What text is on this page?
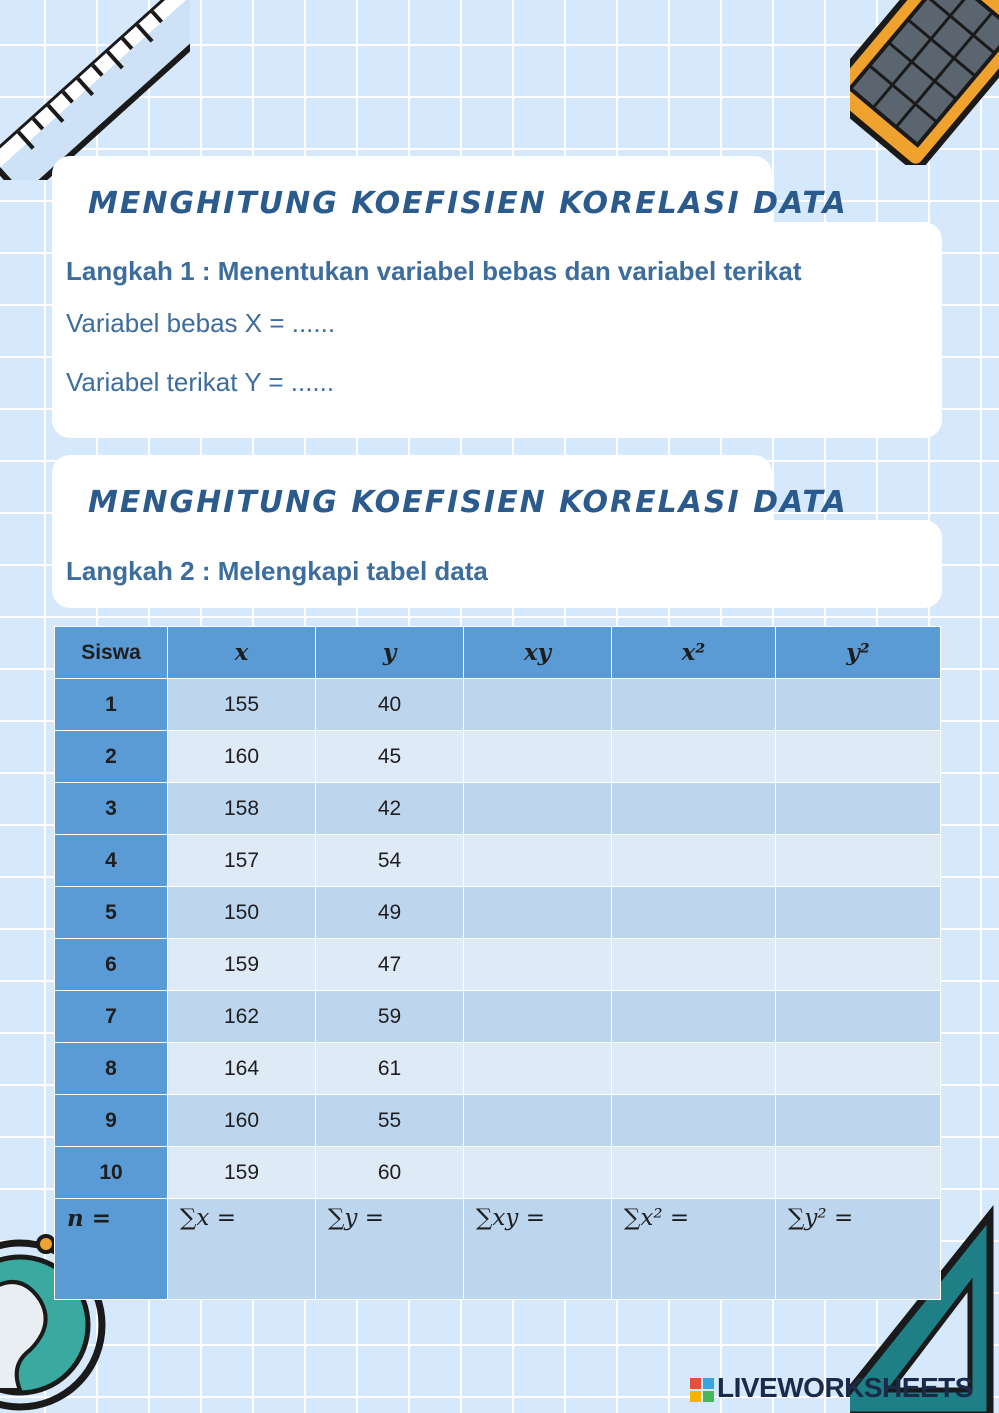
MENGHITUNG KOEFISIEN KORELASI DATA
Langkah 1 : Menentukan variabel bebas dan variabel terikat
Variabel bebas X = ......
Variabel terikat Y = ......
MENGHITUNG KOEFISIEN KORELASI DATA
Langkah 2 : Melengkapi tabel data
Siswa	x	y	xy	x²	y²
1	155	40			
2	160	45			
3	158	42			
4	157	54			
5	150	49			
6	159	47			
7	162	59			
8	164	61			
9	160	55			
10	159	60			
n =	∑x =	∑y =	∑xy =	∑x² =	∑y² =
LIVEWORKSHEETS
